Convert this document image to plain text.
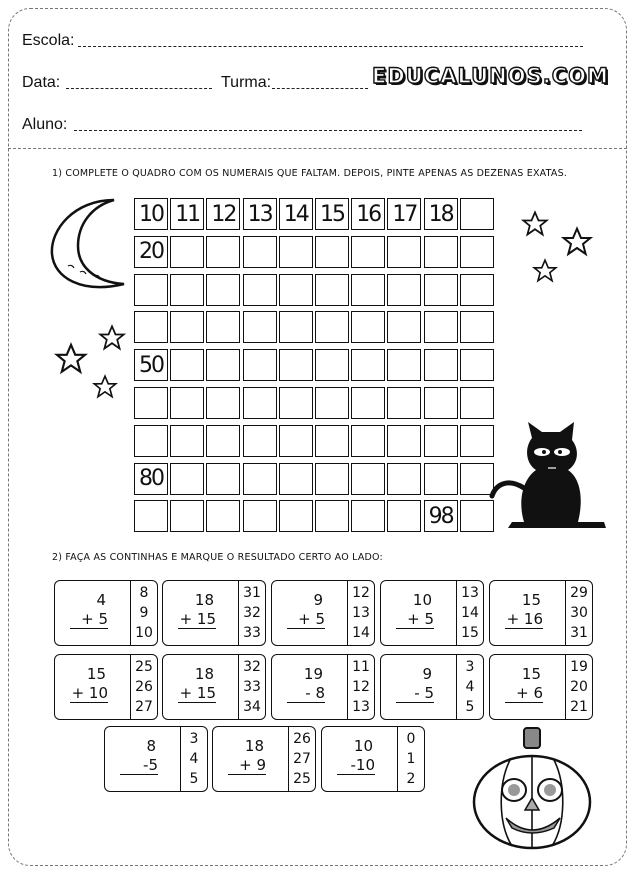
Escola:
Data:	Turma:	EDUCALUNOS.COM
Aluno:
1) COMPLETE O QUADRO COM OS NUMERAIS QUE FALTAM. DEPOIS, PINTE APENAS AS DEZENAS EXATAS.
10 11 12 13 14 15 16 17 18
20
50
80
98
2) FAÇA AS CONTINHAS E MARQUE O RESULTADO CERTO AO LADO:
4
+ 5
8
9
10
18
+ 15
31
32
33
9
+ 5
12
13
14
10
+ 5
13
14
15
15
+ 16
29
30
31
15
+ 10
25
26
27
18
+ 15
32
33
34
19
- 8
11
12
13
9
- 5
3
4
5
15
+ 6
19
20
21
8
-5
3
4
5
18
+ 9
26
27
25
10
-10
0
1
2
